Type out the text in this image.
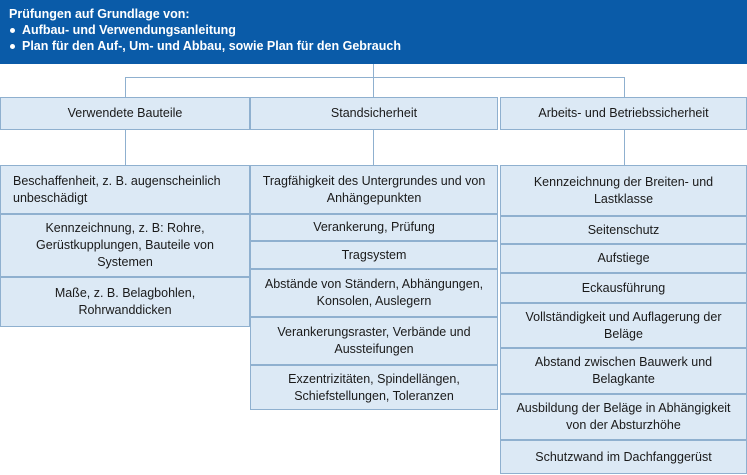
Prüfungen auf Grundlage von:
Aufbau- und Verwendungsanleitung
Plan für den Auf-, Um- und Abbau, sowie Plan für den Gebrauch
Verwendete Bauteile	Standsicherheit	Arbeits- und Betriebssicherheit
Beschaffenheit, z. B. augenscheinlich unbeschädigt
Kennzeichnung, z. B: Rohre, Gerüstkupplungen, Bauteile von Systemen
Maße, z. B. Belagbohlen, Rohrwanddicken
Tragfähigkeit des Untergrundes und von Anhängepunkten
Verankerung, Prüfung
Tragsystem
Abstände von Ständern, Abhängungen, Konsolen, Auslegern
Verankerungsraster, Verbände und Aussteifungen
Exzentrizitäten, Spindellängen, Schiefstellungen, Toleranzen
Kennzeichnung der Breiten- und Lastklasse
Seitenschutz
Aufstiege
Eckausführung
Vollständigkeit und Auflagerung der Beläge
Abstand zwischen Bauwerk und Belagkante
Ausbildung der Beläge in Abhängigkeit von der Absturzhöhe
Schutzwand im Dachfanggerüst
